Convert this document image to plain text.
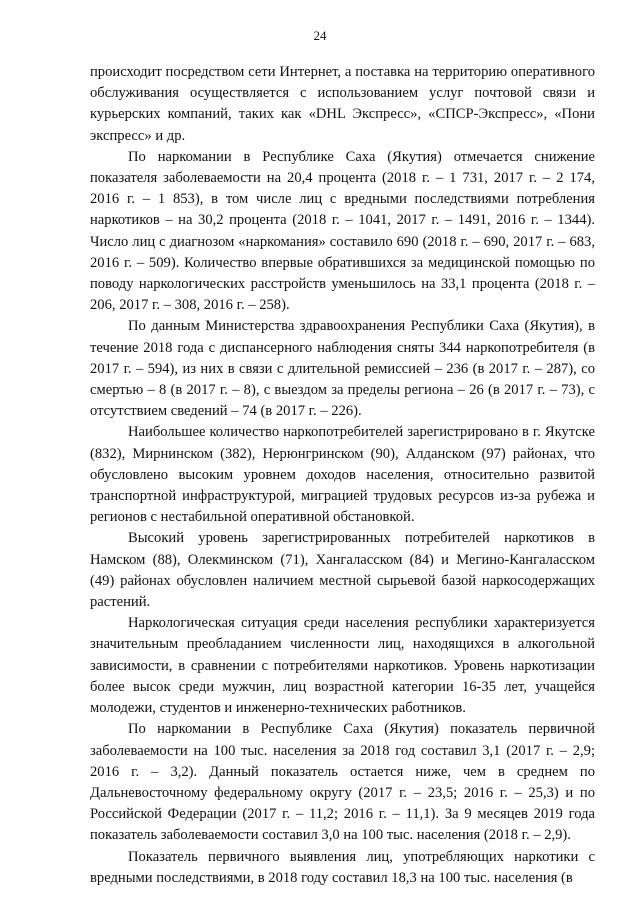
24

происходит посредством сети Интернет, а поставка на территорию оперативного обслуживания осуществляется с использованием услуг почтовой связи и курьерских компаний, таких как «DHL Экспресс», «СПСР-Экспресс», «Пони экспресс» и др.

По наркомании в Республике Саха (Якутия) отмечается снижение показателя заболеваемости на 20,4 процента (2018 г. – 1 731, 2017 г. – 2 174, 2016 г. – 1 853), в том числе лиц с вредными последствиями потребления наркотиков – на 30,2 процента (2018 г. – 1041, 2017 г. – 1491, 2016 г. – 1344). Число лиц с диагнозом «наркомания» составило 690 (2018 г. – 690, 2017 г. – 683, 2016 г. – 509). Количество впервые обратившихся за медицинской помощью по поводу наркологических расстройств уменьшилось на 33,1 процента (2018 г. – 206, 2017 г. – 308, 2016 г. – 258).

По данным Министерства здравоохранения Республики Саха (Якутия), в течение 2018 года с диспансерного наблюдения сняты 344 наркопотребителя (в 2017 г. – 594), из них в связи с длительной ремиссией – 236 (в 2017 г. – 287), со смертью – 8 (в 2017 г. – 8), с выездом за пределы региона – 26 (в 2017 г. – 73), с отсутствием сведений – 74 (в 2017 г. – 226).

Наибольшее количество наркопотребителей зарегистрировано в г. Якутске (832), Мирнинском (382), Нерюнгринском (90), Алданском (97) районах, что обусловлено высоким уровнем доходов населения, относительно развитой транспортной инфраструктурой, миграцией трудовых ресурсов из-за рубежа и регионов с нестабильной оперативной обстановкой.

Высокий уровень зарегистрированных потребителей наркотиков в Намском (88), Олекминском (71), Хангаласском (84) и Мегино-Кангаласском (49) районах обусловлен наличием местной сырьевой базой наркосодержащих растений.

Наркологическая ситуация среди населения республики характеризуется значительным преобладанием численности лиц, находящихся в алкогольной зависимости, в сравнении с потребителями наркотиков. Уровень наркотизации более высок среди мужчин, лиц возрастной категории 16-35 лет, учащейся молодежи, студентов и инженерно-технических работников.

По наркомании в Республике Саха (Якутия) показатель первичной заболеваемости на 100 тыс. населения за 2018 год составил 3,1 (2017 г. – 2,9; 2016 г. – 3,2). Данный показатель остается ниже, чем в среднем по Дальневосточному федеральному округу (2017 г. – 23,5; 2016 г. – 25,3) и по Российской Федерации (2017 г. – 11,2; 2016 г. – 11,1). За 9 месяцев 2019 года показатель заболеваемости составил 3,0 на 100 тыс. населения (2018 г. – 2,9).

Показатель первичного выявления лиц, употребляющих наркотики с вредными последствиями, в 2018 году составил 18,3 на 100 тыс. населения (в
